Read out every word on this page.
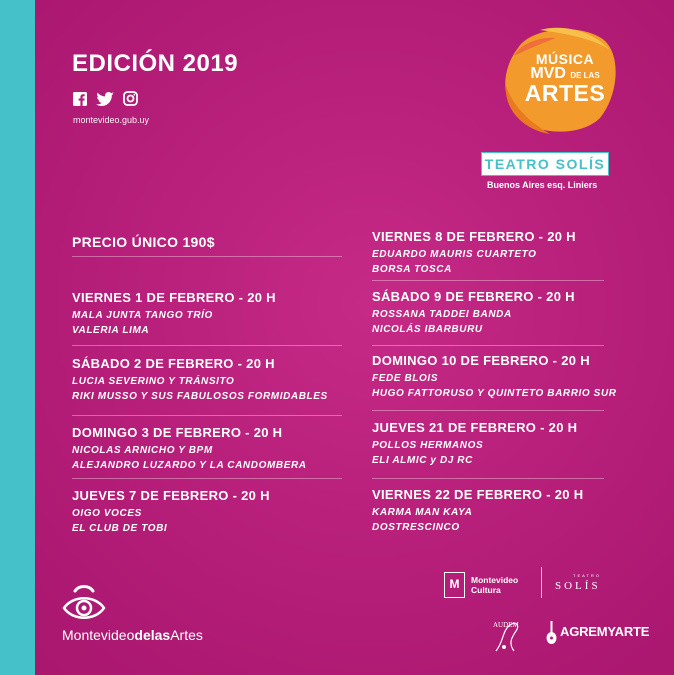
EDICIÓN 2019
montevideo.gub.uy
MÚSICA
MVD DE LAS
ARTES
TEATRO SOLÍS
Buenos Aires esq. Liniers
PRECIO ÚNICO 190$
VIERNES 1 DE FEBRERO - 20 H
MALA JUNTA TANGO TRÍO
VALERIA LIMA
SÁBADO 2 DE FEBRERO - 20 H
LUCIA SEVERINO Y TRÁNSITO
RIKI MUSSO Y SUS FABULOSOS FORMIDABLES
DOMINGO 3 DE FEBRERO - 20 H
NICOLAS ARNICHO Y BPM
ALEJANDRO LUZARDO Y LA CANDOMBERA
JUEVES 7 DE FEBRERO - 20 H
OIGO VOCES
EL CLUB DE TOBI
VIERNES 8 DE FEBRERO - 20 H
EDUARDO MAURIS CUARTETO
BORSA TOSCA
SÁBADO 9 DE FEBRERO - 20 H
ROSSANA TADDEI BANDA
NICOLÁS IBARBURU
DOMINGO 10 DE FEBRERO - 20 H
FEDE BLOIS
HUGO FATTORUSO Y QUINTETO BARRIO SUR
JUEVES 21 DE FEBRERO - 20 H
POLLOS HERMANOS
ELI ALMIC y DJ RC
VIERNES 22 DE FEBRERO - 20 H
KARMA MAN KAYA
DOSTRESCINCO
MontevideodelasArtes
M	Montevideo
Cultura
TEATRO
SOLÍS
AUDEM	AGREMYARTE
